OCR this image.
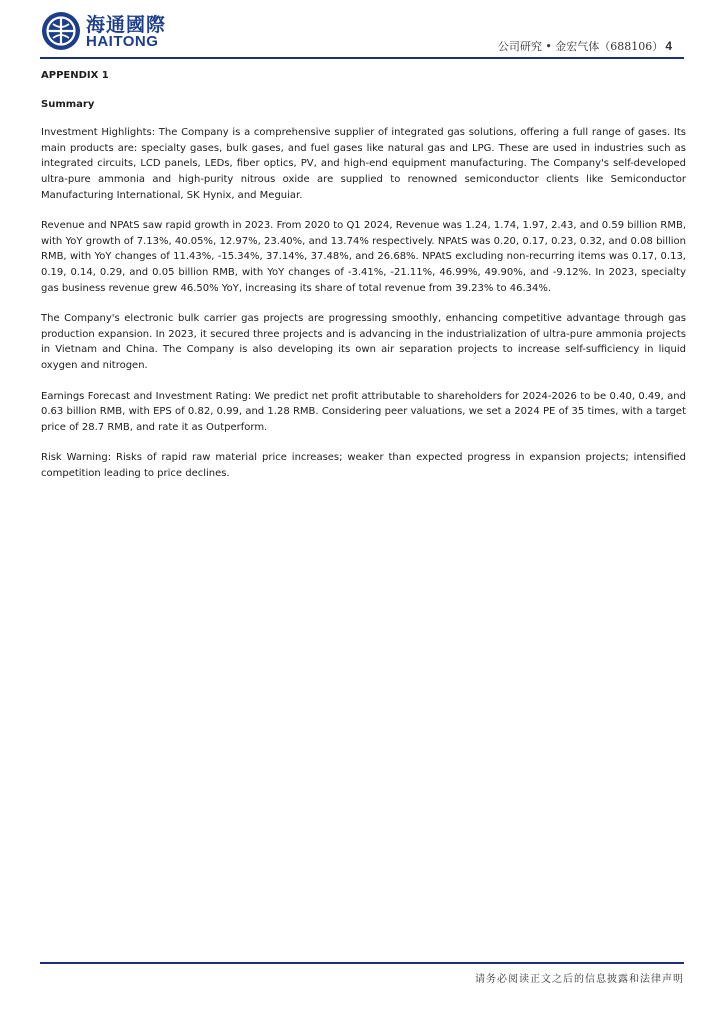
海通國際
HAITONG	公司研究 • 金宏气体（688106） 4
APPENDIX 1
Summary

Investment Highlights: The Company is a comprehensive supplier of integrated gas solutions, offering a full range of gases. Its main products are: specialty gases, bulk gases, and fuel gases like natural gas and LPG. These are used in industries such as integrated circuits, LCD panels, LEDs, fiber optics, PV, and high-end equipment manufacturing. The Company's self-developed ultra-pure ammonia and high-purity nitrous oxide are supplied to renowned semiconductor clients like Semiconductor Manufacturing International, SK Hynix, and Meguiar.

Revenue and NPAtS saw rapid growth in 2023. From 2020 to Q1 2024, Revenue was 1.24, 1.74, 1.97, 2.43, and 0.59 billion RMB, with YoY growth of 7.13%, 40.05%, 12.97%, 23.40%, and 13.74% respectively. NPAtS was 0.20, 0.17, 0.23, 0.32, and 0.08 billion RMB, with YoY changes of 11.43%, -15.34%, 37.14%, 37.48%, and 26.68%. NPAtS excluding non-recurring items was 0.17, 0.13, 0.19, 0.14, 0.29, and 0.05 billion RMB, with YoY changes of -3.41%, -21.11%, 46.99%, 49.90%, and -9.12%. In 2023, specialty gas business revenue grew 46.50% YoY, increasing its share of total revenue from 39.23% to 46.34%.

The Company's electronic bulk carrier gas projects are progressing smoothly, enhancing competitive advantage through gas production expansion. In 2023, it secured three projects and is advancing in the industrialization of ultra-pure ammonia projects in Vietnam and China. The Company is also developing its own air separation projects to increase self-sufficiency in liquid oxygen and nitrogen.

Earnings Forecast and Investment Rating: We predict net profit attributable to shareholders for 2024-2026 to be 0.40, 0.49, and 0.63 billion RMB, with EPS of 0.82, 0.99, and 1.28 RMB. Considering peer valuations, we set a 2024 PE of 35 times, with a target price of 28.7 RMB, and rate it as Outperform.

Risk Warning: Risks of rapid raw material price increases; weaker than expected progress in expansion projects; intensified competition leading to price declines.

请务必阅读正文之后的信息披露和法律声明
